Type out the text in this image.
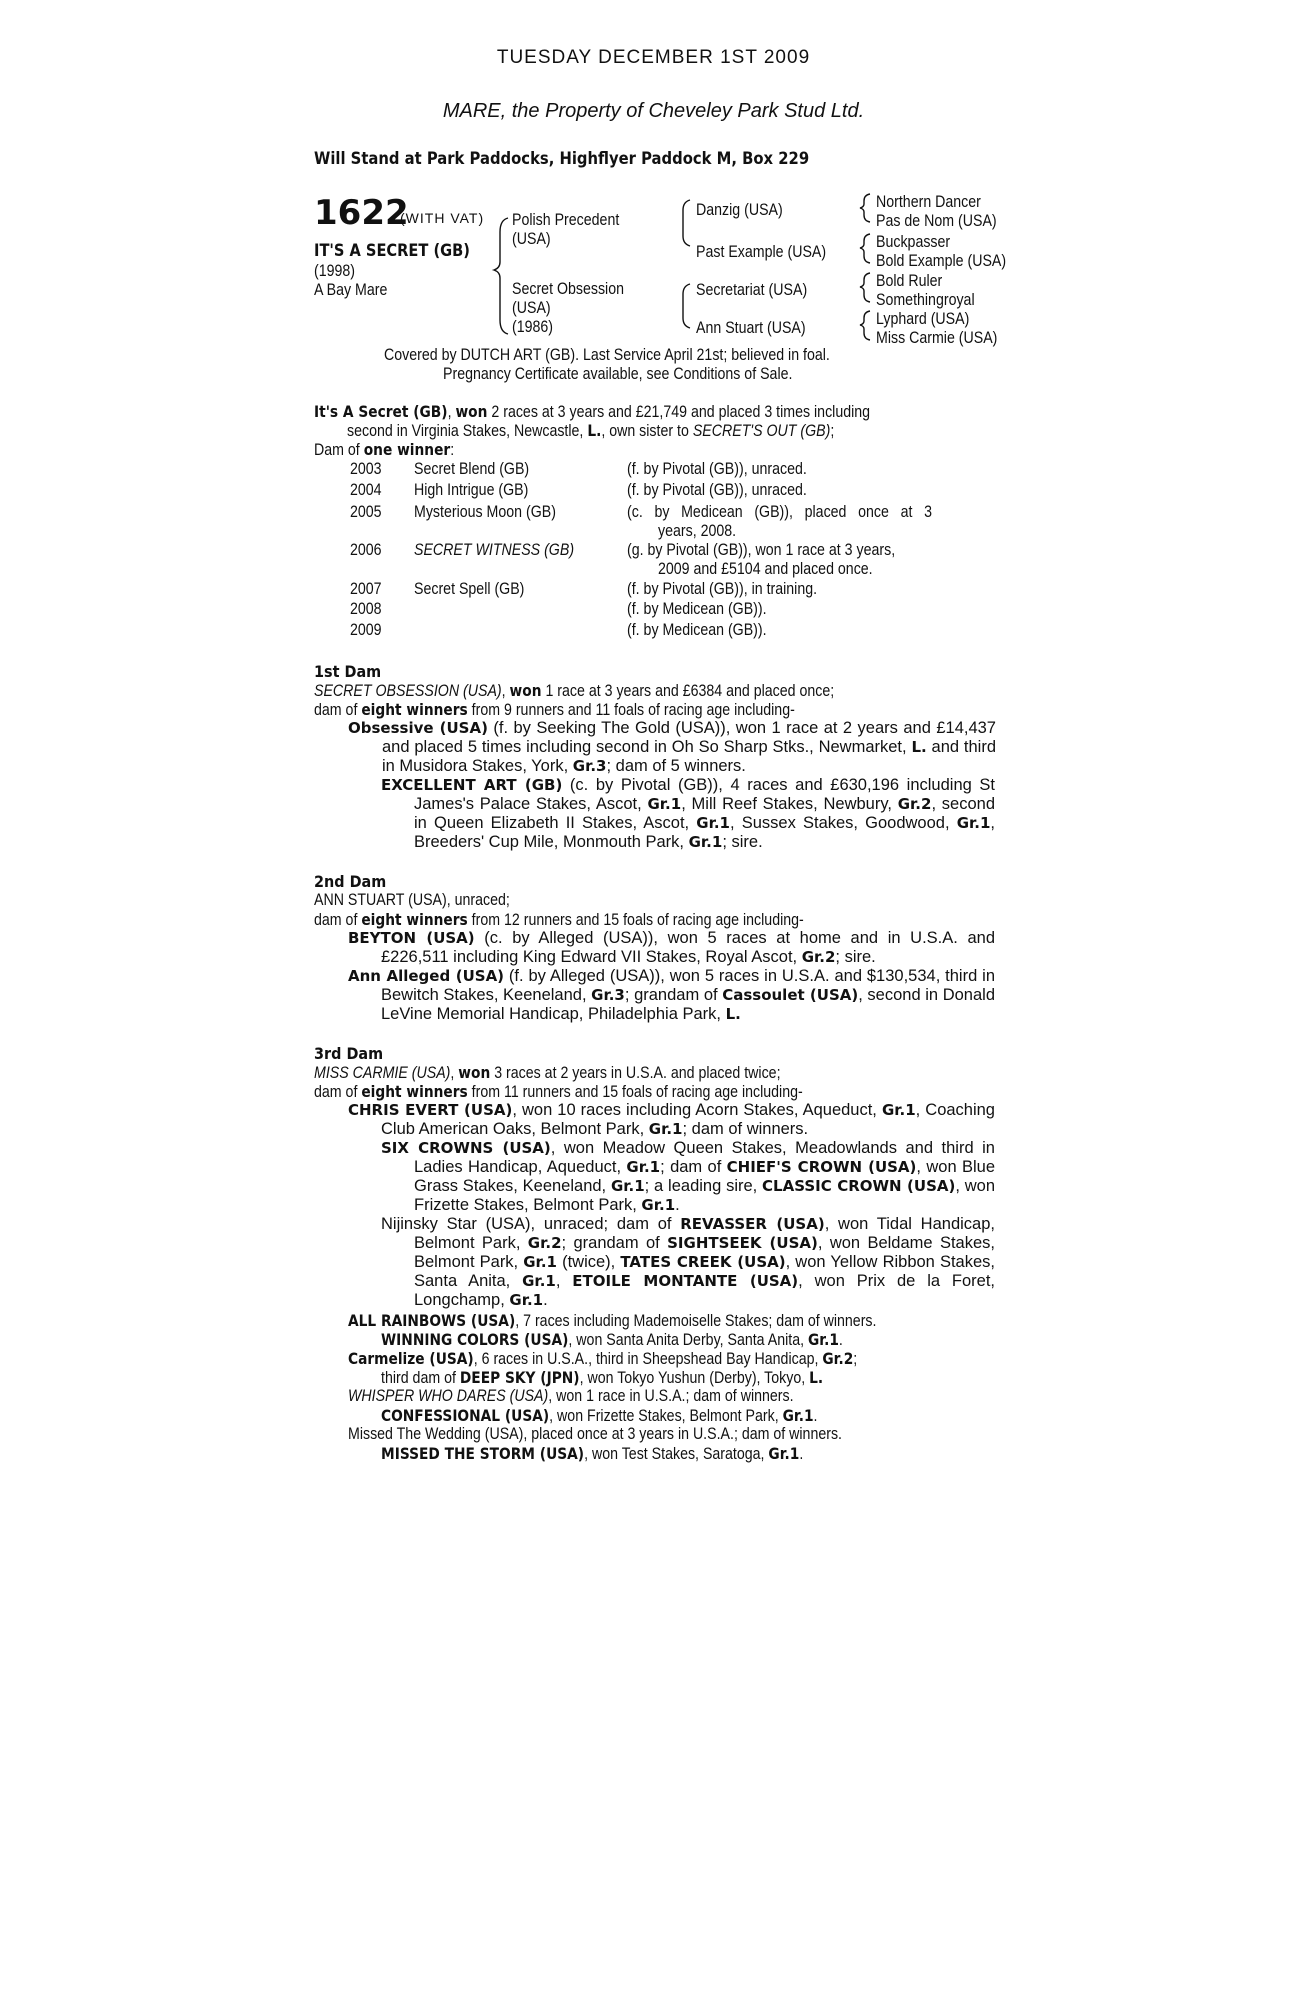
TUESDAY DECEMBER 1ST 2009
MARE, the Property of Cheveley Park Stud Ltd.
Will Stand at Park Paddocks, Highflyer Paddock M, Box 229
1622
(WITH VAT)
IT'S A SECRET (GB)
(1998)
A Bay Mare
Polish Precedent
(USA)
Secret Obsession
(USA)
(1986)
Danzig (USA)
Past Example (USA)
Secretariat (USA)
Ann Stuart (USA)
Northern Dancer
Pas de Nom (USA)
Buckpasser
Bold Example (USA)
Bold Ruler
Somethingroyal
Lyphard (USA)
Miss Carmie (USA)
Covered by DUTCH ART (GB). Last Service April 21st; believed in foal.
Pregnancy Certificate available, see Conditions of Sale.
It's A Secret (GB), won 2 races at 3 years and £21,749 and placed 3 times including
second in Virginia Stakes, Newcastle, L., own sister to SECRET'S OUT (GB);
Dam of one winner:
2003 Secret Blend (GB)	(f. by Pivotal (GB)), unraced.
2004 High Intrigue (GB)	(f. by Pivotal (GB)), unraced.
2005 Mysterious Moon (GB)	(c. by Medicean (GB)), placed once at 3
years, 2008.
2006 SECRET WITNESS (GB)	(g. by Pivotal (GB)), won 1 race at 3 years,
2009 and £5104 and placed once.
2007 Secret Spell (GB)	(f. by Pivotal (GB)), in training.
2008	(f. by Medicean (GB)).
2009	(f. by Medicean (GB)).
1st Dam
SECRET OBSESSION (USA), won 1 race at 3 years and £6384 and placed once;
dam of eight winners from 9 runners and 11 foals of racing age including-
Obsessive (USA) (f. by Seeking The Gold (USA)), won 1 race at 2 years and £14,437 and placed 5 times including second in Oh So Sharp Stks., Newmarket, L. and third in Musidora Stakes, York, Gr.3; dam of 5 winners.
EXCELLENT ART (GB) (c. by Pivotal (GB)), 4 races and £630,196 including St James's Palace Stakes, Ascot, Gr.1, Mill Reef Stakes, Newbury, Gr.2, second in Queen Elizabeth II Stakes, Ascot, Gr.1, Sussex Stakes, Goodwood, Gr.1, Breeders' Cup Mile, Monmouth Park, Gr.1; sire.
2nd Dam
ANN STUART (USA), unraced;
dam of eight winners from 12 runners and 15 foals of racing age including-
BEYTON (USA) (c. by Alleged (USA)), won 5 races at home and in U.S.A. and £226,511 including King Edward VII Stakes, Royal Ascot, Gr.2; sire.
Ann Alleged (USA) (f. by Alleged (USA)), won 5 races in U.S.A. and $130,534, third in Bewitch Stakes, Keeneland, Gr.3; grandam of Cassoulet (USA), second in Donald LeVine Memorial Handicap, Philadelphia Park, L.
3rd Dam
MISS CARMIE (USA), won 3 races at 2 years in U.S.A. and placed twice;
dam of eight winners from 11 runners and 15 foals of racing age including-
CHRIS EVERT (USA), won 10 races including Acorn Stakes, Aqueduct, Gr.1, Coaching Club American Oaks, Belmont Park, Gr.1; dam of winners.
SIX CROWNS (USA), won Meadow Queen Stakes, Meadowlands and third in Ladies Handicap, Aqueduct, Gr.1; dam of CHIEF'S CROWN (USA), won Blue Grass Stakes, Keeneland, Gr.1; a leading sire, CLASSIC CROWN (USA), won Frizette Stakes, Belmont Park, Gr.1.
Nijinsky Star (USA), unraced; dam of REVASSER (USA), won Tidal Handicap, Belmont Park, Gr.2; grandam of SIGHTSEEK (USA), won Beldame Stakes, Belmont Park, Gr.1 (twice), TATES CREEK (USA), won Yellow Ribbon Stakes, Santa Anita, Gr.1, ETOILE MONTANTE (USA), won Prix de la Foret, Longchamp, Gr.1.
ALL RAINBOWS (USA), 7 races including Mademoiselle Stakes; dam of winners.
WINNING COLORS (USA), won Santa Anita Derby, Santa Anita, Gr.1.
Carmelize (USA), 6 races in U.S.A., third in Sheepshead Bay Handicap, Gr.2;
third dam of DEEP SKY (JPN), won Tokyo Yushun (Derby), Tokyo, L.
WHISPER WHO DARES (USA), won 1 race in U.S.A.; dam of winners.
CONFESSIONAL (USA), won Frizette Stakes, Belmont Park, Gr.1.
Missed The Wedding (USA), placed once at 3 years in U.S.A.; dam of winners.
MISSED THE STORM (USA), won Test Stakes, Saratoga, Gr.1.
